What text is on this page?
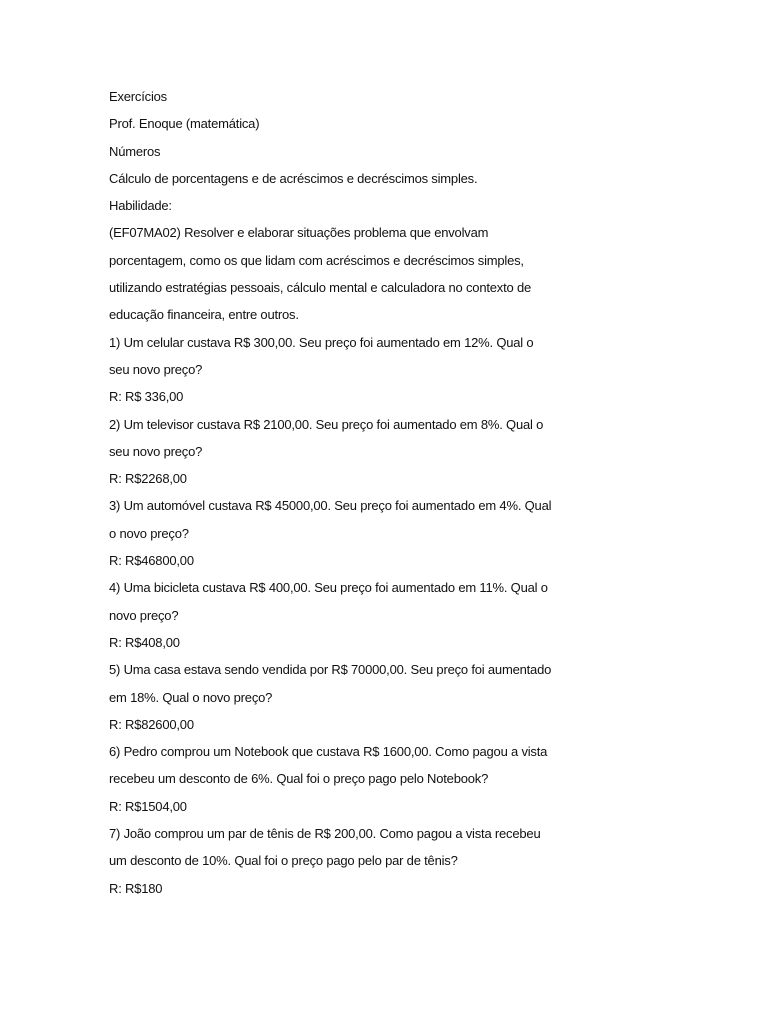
Exercícios
Prof. Enoque (matemática)
Números
Cálculo de porcentagens e de acréscimos e decréscimos simples.
Habilidade:
(EF07MA02) Resolver e elaborar situações problema que envolvam
porcentagem, como os que lidam com acréscimos e decréscimos simples,
utilizando estratégias pessoais, cálculo mental e calculadora no contexto de
educação financeira, entre outros.
1) Um celular custava R$ 300,00. Seu preço foi aumentado em 12%. Qual o
seu novo preço?
R: R$ 336,00
2) Um televisor custava R$ 2100,00. Seu preço foi aumentado em 8%. Qual o
seu novo preço?
R: R$2268,00
3) Um automóvel custava R$ 45000,00. Seu preço foi aumentado em 4%. Qual
o novo preço?
R: R$46800,00
4) Uma bicicleta custava R$ 400,00. Seu preço foi aumentado em 11%. Qual o
novo preço?
R: R$408,00
5) Uma casa estava sendo vendida por R$ 70000,00. Seu preço foi aumentado
em 18%. Qual o novo preço?
R: R$82600,00
6) Pedro comprou um Notebook que custava R$ 1600,00. Como pagou a vista
recebeu um desconto de 6%. Qual foi o preço pago pelo Notebook?
R: R$1504,00
7) João comprou um par de tênis de R$ 200,00. Como pagou a vista recebeu
um desconto de 10%. Qual foi o preço pago pelo par de tênis?
R: R$180
